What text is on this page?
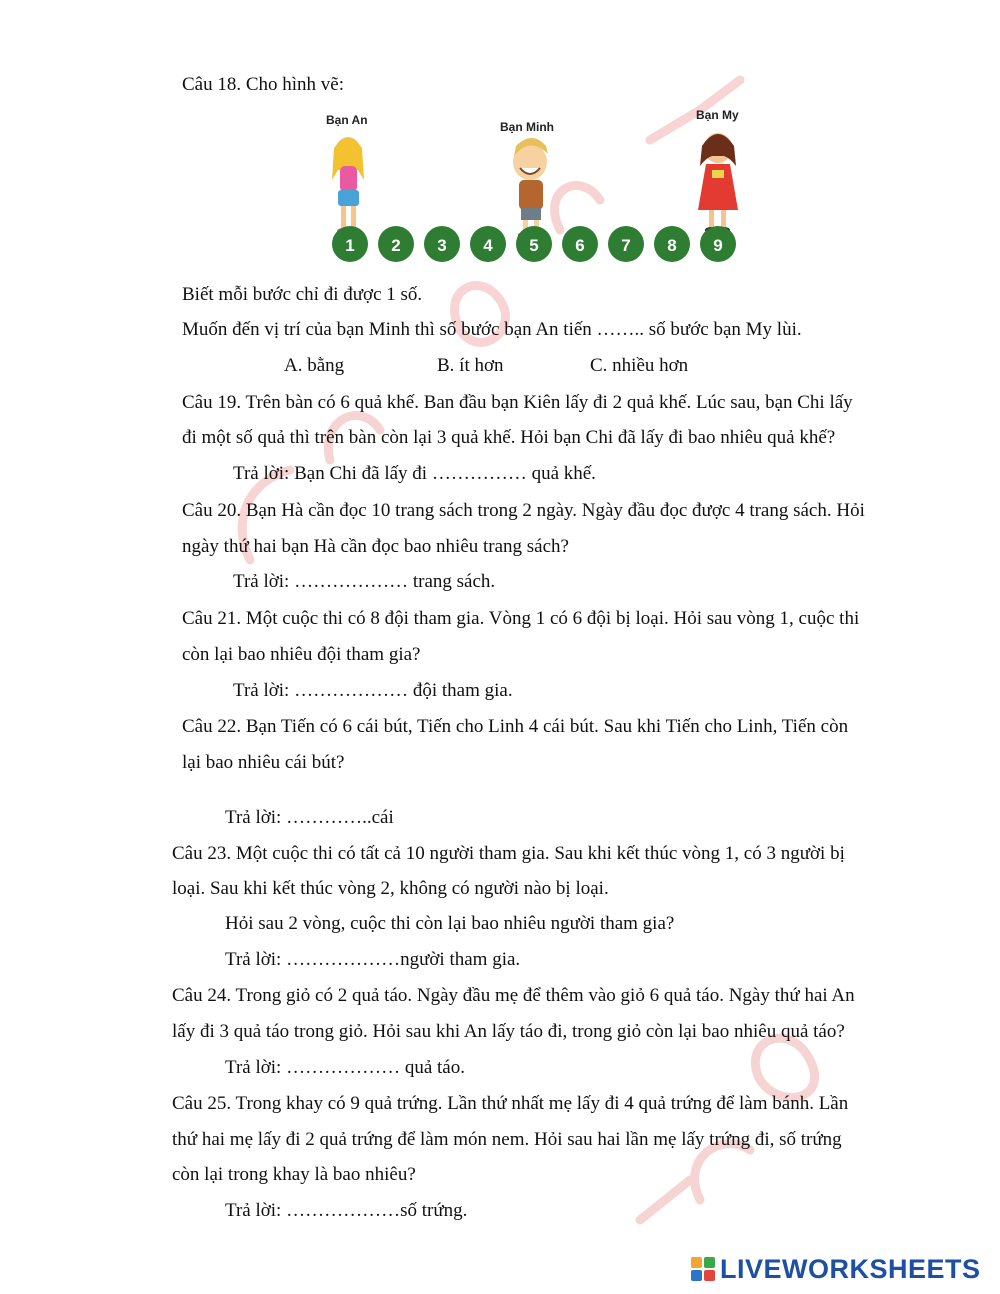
Câu 18. Cho hình vẽ:
Bạn An	Bạn Minh
Bạn My
1 2 3 4 5 6 7 8 9
Biết mỗi bước chỉ đi được 1 số.
Muốn đến vị trí của bạn Minh thì số bước bạn An tiến …….. số bước bạn My lùi.
A. bằng	B. ít hơn	C. nhiều hơn
Câu 19. Trên bàn có 6 quả khế. Ban đầu bạn Kiên lấy đi 2 quả khế. Lúc sau, bạn Chi lấy
đi một số quả thì trên bàn còn lại 3 quả khế. Hỏi bạn Chi đã lấy đi bao nhiêu quả khế?
Trả lời: Bạn Chi đã lấy đi …………… quả khế.
Câu 20. Bạn Hà cần đọc 10 trang sách trong 2 ngày. Ngày đầu đọc được 4 trang sách. Hỏi
ngày thứ hai bạn Hà cần đọc bao nhiêu trang sách?
Trả lời: ……………… trang sách.
Câu 21. Một cuộc thi có 8 đội tham gia. Vòng 1 có 6 đội bị loại. Hỏi sau vòng 1, cuộc thi
còn lại bao nhiêu đội tham gia?
Trả lời: ……………… đội tham gia.
Câu 22. Bạn Tiến có 6 cái bút, Tiến cho Linh 4 cái bút. Sau khi Tiến cho Linh, Tiến còn
lại bao nhiêu cái bút?
Trả lời: …………..cái
Câu 23. Một cuộc thi có tất cả 10 người tham gia. Sau khi kết thúc vòng 1, có 3 người bị
loại. Sau khi kết thúc vòng 2, không có người nào bị loại.
Hỏi sau 2 vòng, cuộc thi còn lại bao nhiêu người tham gia?
Trả lời: ………………người tham gia.
Câu 24. Trong giỏ có 2 quả táo. Ngày đầu mẹ để thêm vào giỏ 6 quả táo. Ngày thứ hai An
lấy đi 3 quả táo trong giỏ. Hỏi sau khi An lấy táo đi, trong giỏ còn lại bao nhiêu quả táo?
Trả lời: ……………… quả táo.
Câu 25. Trong khay có 9 quả trứng. Lần thứ nhất mẹ lấy đi 4 quả trứng để làm bánh. Lần
thứ hai mẹ lấy đi 2 quả trứng để làm món nem. Hỏi sau hai lần mẹ lấy trứng đi, số trứng
còn lại trong khay là bao nhiêu?
Trả lời: ………………số trứng.
LIVEWORKSHEETS
